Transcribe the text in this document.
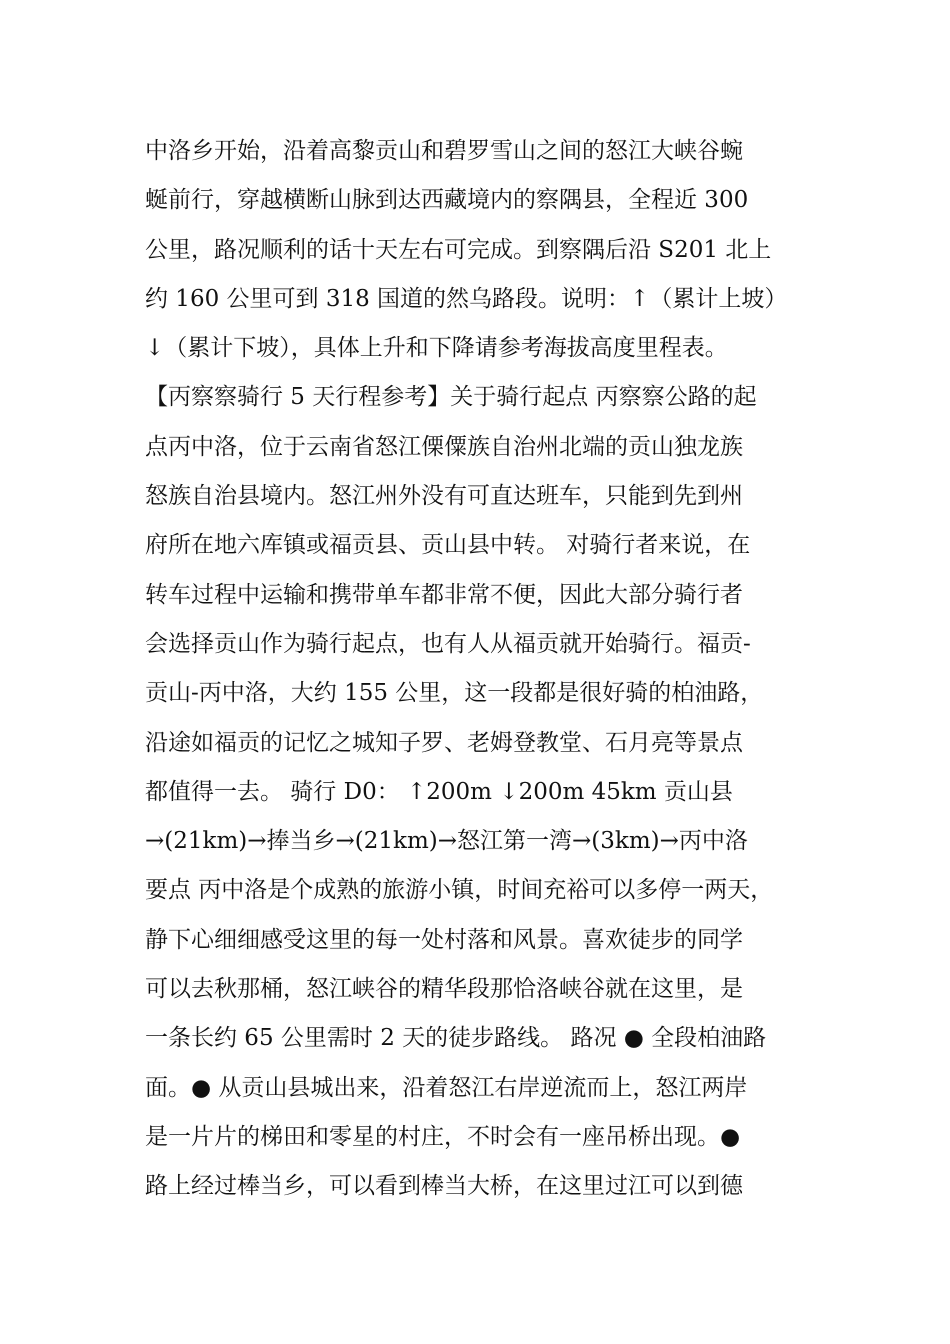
中洛乡开始，沿着高黎贡山和碧罗雪山之间的怒江大峡谷蜿
蜒前行，穿越横断山脉到达西藏境内的察隅县，全程近 300
公里，路况顺利的话十天左右可完成。到察隅后沿 S201 北上
约 160 公里可到 318 国道的然乌路段。说明：↑（累计上坡）
↓（累计下坡），具体上升和下降请参考海拔高度里程表。
【丙察察骑行 5 天行程参考】关于骑行起点 丙察察公路的起
点丙中洛，位于云南省怒江傈僳族自治州北端的贡山独龙族
怒族自治县境内。怒江州外没有可直达班车，只能到先到州
府所在地六库镇或福贡县、贡山县中转。 对骑行者来说，在
转车过程中运输和携带单车都非常不便，因此大部分骑行者
会选择贡山作为骑行起点，也有人从福贡就开始骑行。福贡-
贡山-丙中洛，大约 155 公里，这一段都是很好骑的柏油路，
沿途如福贡的记忆之城知子罗、老姆登教堂、石月亮等景点
都值得一去。 骑行 D0： ↑200m ↓200m 45km 贡山县
→(21km)→捧当乡→(21km)→怒江第一湾→(3km)→丙中洛
要点 丙中洛是个成熟的旅游小镇，时间充裕可以多停一两天，
静下心细细感受这里的每一处村落和风景。喜欢徒步的同学
可以去秋那桶，怒江峡谷的精华段那恰洛峡谷就在这里，是
一条长约 65 公里需时 2 天的徒步路线。 路况 ● 全段柏油路
面。● 从贡山县城出来，沿着怒江右岸逆流而上，怒江两岸
是一片片的梯田和零星的村庄，不时会有一座吊桥出现。●
路上经过棒当乡，可以看到棒当大桥，在这里过江可以到德
